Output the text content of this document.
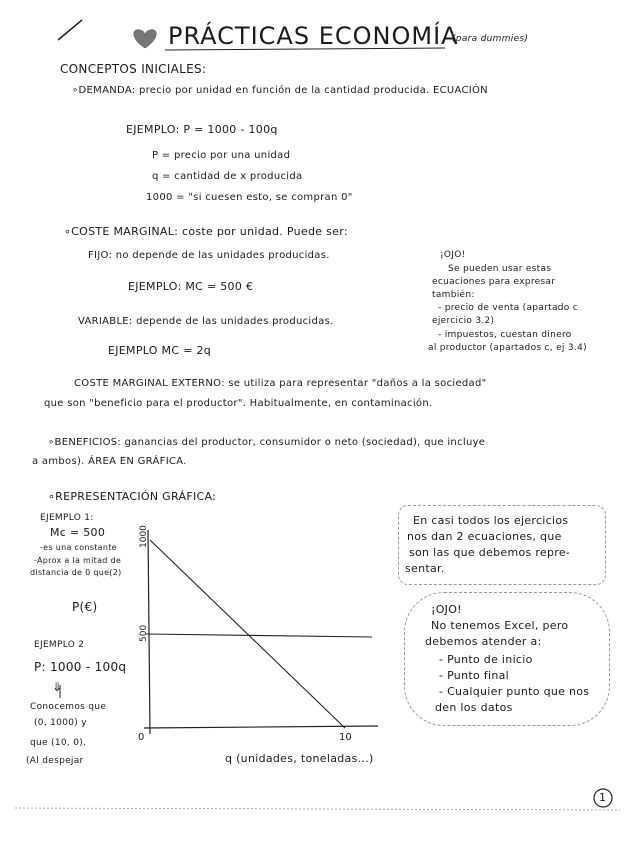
PRÁCTICAS ECONOMÍA
(para dummies)
CONCEPTOS INICIALES:
∘DEMANDA: precio por unidad en función de la cantidad producida. ECUACIÓN
EJEMPLO: P = 1000 - 100q
P = precio por una unidad
q = cantidad de x producida
1000 = "si cuesen esto, se compran 0"
∘COSTE MARGINAL: coste por unidad. Puede ser:
FIJO: no depende de las unidades producidas.
EJEMPLO: MC = 500 €
VARIABLE: depende de las unidades producidas.
EJEMPLO MC = 2q
¡OJO!
Se pueden usar estas
ecuaciones para expresar
también:
- precio de venta (apartado c
ejercicio 3.2)
- impuestos, cuestan dinero
al productor (apartados c, ej 3.4)
COSTE MARGINAL EXTERNO: se utiliza para representar "daños a la sociedad"
que son "beneficio para el productor". Habitualmente, en contaminación.
∘BENEFICIOS: ganancias del productor, consumidor o neto (sociedad), que incluye
a ambos). ÁREA EN GRÁFICA.
∘REPRESENTACIÓN GRÁFICA:
EJEMPLO 1:
Mc = 500
-es una constante
-Aprox a la mitad de
distancia de 0 que(2)
P(€)
EJEMPLO 2
P: 1000 - 100q
⇓
Conocemos que
(0, 1000) y
que (10, 0).
(Al despejar
0	10
500
1000
q (unidades, toneladas...)
En casi todos los ejercicios
nos dan 2 ecuaciones, que
son las que debemos repre-
sentar.
¡OJO!
No tenemos Excel, pero
debemos atender a:
- Punto de inicio
- Punto final
- Cualquier punto que nos
den los datos
1
